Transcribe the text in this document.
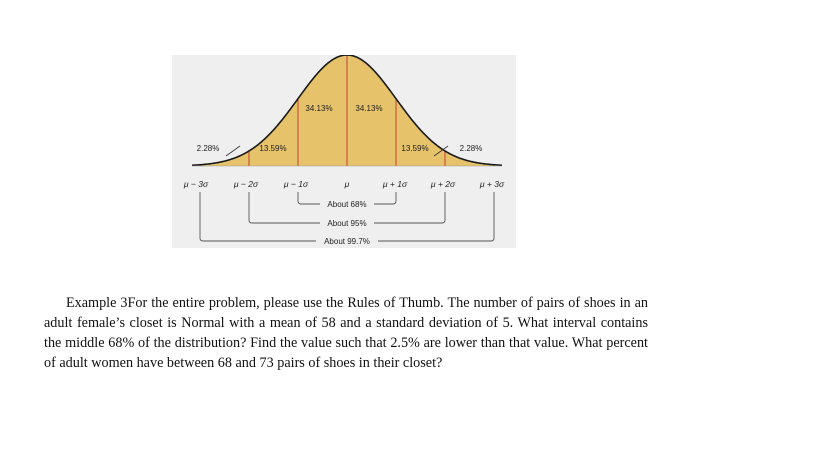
2.28%	13.59%
34.13%	34.13%
13.59%	2.28%
μ − 3σ	μ − 2σ	μ − 1σ	μ	μ + 1σ	μ + 2σ	μ + 3σ
About 68%
About 95%
About 99.7%
Example 3For the entire problem, please use the Rules of Thumb. The number of pairs of shoes in an adult female’s closet is Normal with a mean of 58 and a standard deviation of 5. What interval contains the middle 68% of the distribution? Find the value such that 2.5% are lower than that value. What percent of adult women have between 68 and 73 pairs of shoes in their closet?
